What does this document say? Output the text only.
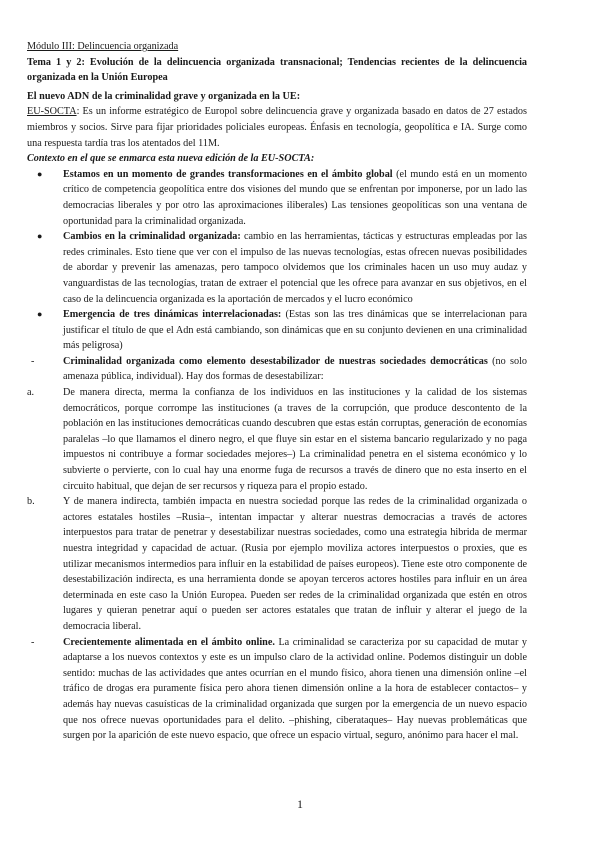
Módulo III: Delincuencia organizada

Tema 1 y 2: Evolución de la delincuencia organizada transnacional; Tendencias recientes de la delincuencia organizada en la Unión Europea

El nuevo ADN de la criminalidad grave y organizada en la UE:

EU-SOCTA: Es un informe estratégico de Europol sobre delincuencia grave y organizada basado en datos de 27 estados miembros y socios. Sirve para fijar prioridades policiales europeas. Énfasis en tecnología, geopolítica e IA. Surge como una respuesta tardía tras los atentados del 11M.

Contexto en el que se enmarca esta nueva edición de la EU-SOCTA:

●	Estamos en un momento de grandes transformaciones en el ámbito global (el mundo está en un momento crítico de competencia geopolítica entre dos visiones del mundo que se enfrentan por imponerse, por un lado las democracias liberales y por otro las aproximaciones iliberales) Las tensiones geopolíticas son una ventana de oportunidad para la criminalidad organizada.
●	Cambios en la criminalidad organizada: cambio en las herramientas, tácticas y estructuras empleadas por las redes criminales. Esto tiene que ver con el impulso de las nuevas tecnologías, estas ofrecen nuevas posibilidades de abordar y prevenir las amenazas, pero tampoco olvidemos que los criminales hacen un uso muy audaz y vanguardistas de las tecnologías, tratan de extraer el potencial que les ofrece para avanzar en sus objetivos, en el caso de la delincuencia organizada es la aportación de mercados y el lucro económico
●	Emergencia de tres dinámicas interrelacionadas: (Estas son las tres dinámicas que se interrelacionan para justificar el título de que el Adn está cambiando, son dinámicas que en su conjunto devienen en una criminalidad más peligrosa)
-	Criminalidad organizada como elemento desestabilizador de nuestras sociedades democráticas (no solo amenaza pública, individual). Hay dos formas de desestabilizar:
a.	De manera directa, merma la confianza de los individuos en las instituciones y la calidad de los sistemas democráticos, porque corrompe las instituciones (a traves de la corrupción, que produce descontento de la población en las instituciones democráticas cuando descubren que estas están corruptas, generación de economías paralelas –lo que llamamos el dinero negro, el que fluye sin estar en el sistema bancario regularizado y no paga impuestos ni contribuye a formar sociedades mejores–) La criminalidad penetra en el sistema económico y lo subvierte o pervierte, con lo cual hay una enorme fuga de recursos a través de dinero que no esta inserto en el circuito habitual, que dejan de ser recursos y riqueza para el propio estado.
b.	Y de manera indirecta, también impacta en nuestra sociedad porque las redes de la criminalidad organizada o actores estatales hostiles –Rusia–, intentan impactar y alterar nuestras democracias a través de actores interpuestos para tratar de penetrar y desestabilizar nuestras sociedades, como una estrategia hibrida de mermar nuestra integridad y capacidad de actuar. (Rusia por ejemplo moviliza actores interpuestos o proxies, que es utilizar mecanismos intermedios para influir en la estabilidad de países europeos). Tiene este otro componente de desestabilización indirecta, es una herramienta donde se apoyan terceros actores hostiles para influir en un área determinada en este caso la Unión Europea. Pueden ser redes de la criminalidad organizada que estén en otros lugares y quieran penetrar aquí o pueden ser actores estatales que tratan de influir y alterar el juego de la democracia liberal.
-	Crecientemente alimentada en el ámbito online. La criminalidad se caracteriza por su capacidad de mutar y adaptarse a los nuevos contextos y este es un impulso claro de la actividad online. Podemos distinguir un doble sentido: muchas de las actividades que antes ocurrían en el mundo físico, ahora tienen una dimensión online –el tráfico de drogas era puramente física pero ahora tienen dimensión online a la hora de establecer contactos– y además hay nuevas casuísticas de la criminalidad organizada que surgen por la emergencia de un nuevo espacio que nos ofrece nuevas oportunidades para el delito. –phishing, ciberataques– Hay nuevas problemáticas que surgen por la aparición de este nuevo espacio, que ofrece un espacio virtual, seguro, anónimo para hacer el mal.
1
